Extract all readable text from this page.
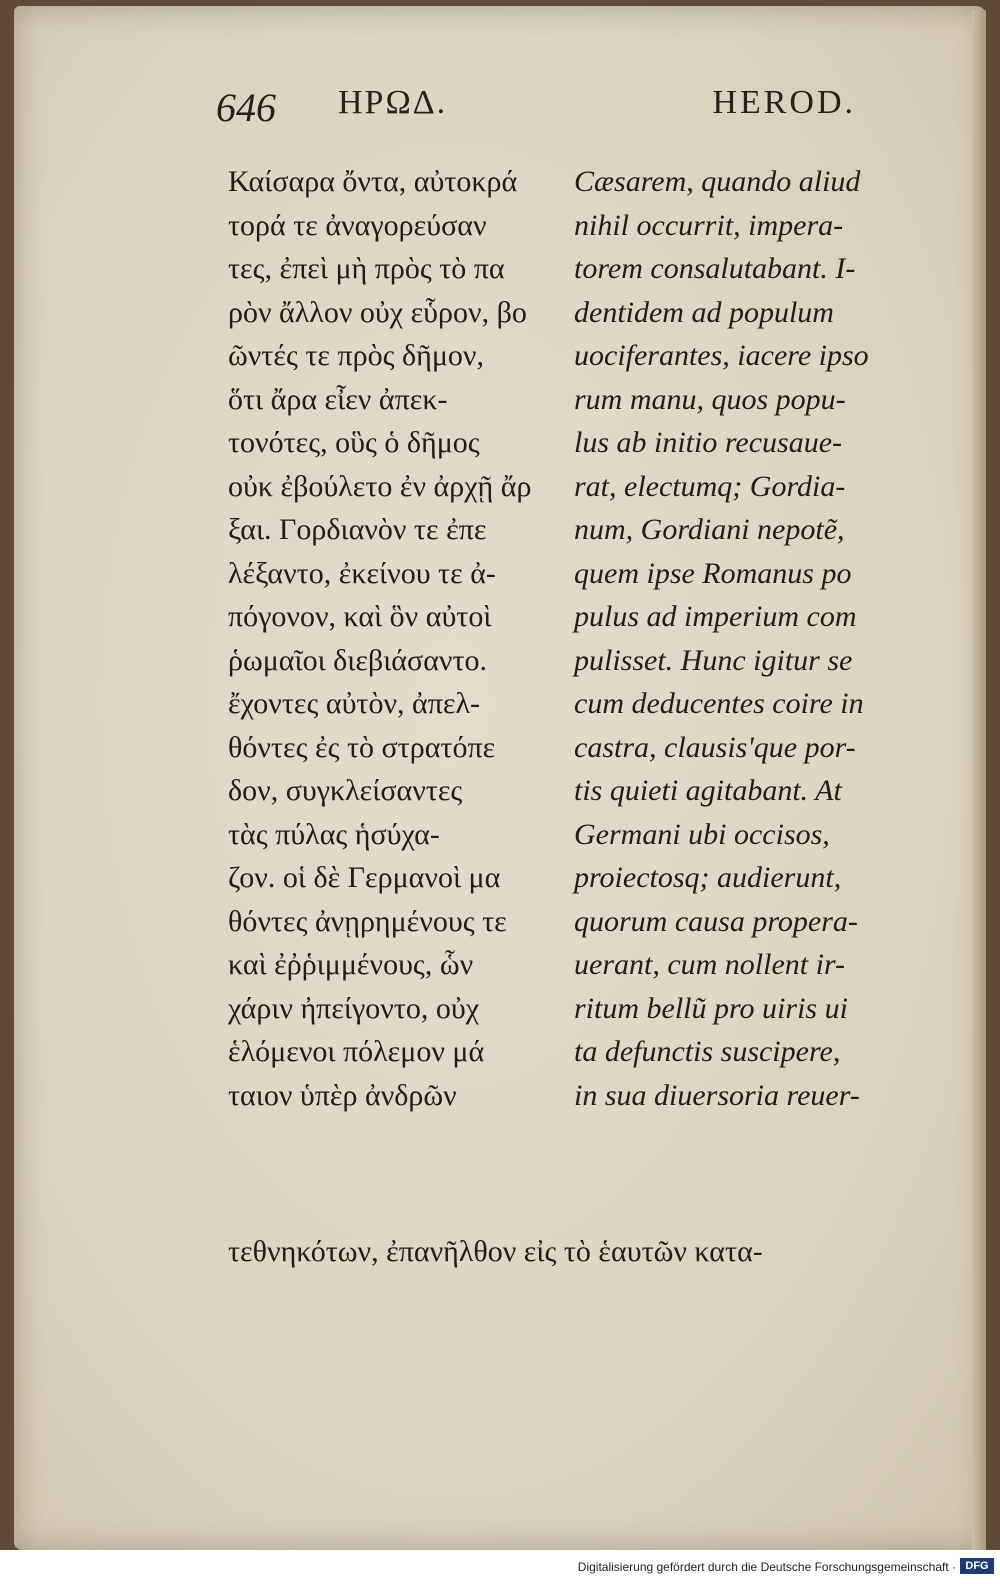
646 ΗΡΩΔ.	HEROD.
Καίσαρα ὄντα, αὐτοκρά
τορά τε ἀναγορεύσαν
τες, ἐπεὶ μὴ πρὸς τὸ πα
ρὸν ἄλλον οὐχ εὗρον, βο
ῶντές τε πρὸς δῆμον,
ὅτι ἄρα εἶεν ἀπεκ-
τονότες, οὓς ὁ δῆμος
οὐκ ἐβούλετο ἐν ἀρχῇ ἄρ
ξαι. Γορδιανὸν τε ἐπε
λέξαντο, ἐκείνου τε ἀ-
πόγονον, καὶ ὃν αὐτοὶ
ῥωμαῖοι διεβιάσαντο.
ἔχοντες αὐτὸν, ἀπελ-
θόντες ἐς τὸ στρατόπε
δον, συγκλείσαντες
τὰς πύλας ἡσύχα-
ζον. οἱ δὲ Γερμανοὶ μα
θόντες ἀνῃρημένους τε
καὶ ἐῤῥιμμένους, ὧν
χάριν ἠπείγοντο, οὐχ
ἑλόμενοι πόλεμον μά
ταιον ὑπὲρ ἀνδρῶν
Cæsarem, quando aliud
nihil occurrit, impera-
torem consalutabant. I-
dentidem ad populum
uociferantes, iacere ipso
rum manu, quos popu-
lus ab initio recusaue-
rat, electumq; Gordia-
num, Gordiani nepotẽ,
quem ipse Romanus po
pulus ad imperium com
pulisset. Hunc igitur se
cum deducentes coire in
castra, clausis'que por-
tis quieti agitabant. At
Germani ubi occisos,
proiectosq; audierunt,
quorum causa propera-
uerant, cum nollent ir-
ritum bellũ pro uiris ui
ta defunctis suscipere,
in sua diuersoria reuer-
τεθνηκότων, ἐπανῆλθον εἰς τὸ ἑαυτῶν κατα-
Digitalisierung gefördert durch die Deutsche Forschungsgemeinschaft · DFG
